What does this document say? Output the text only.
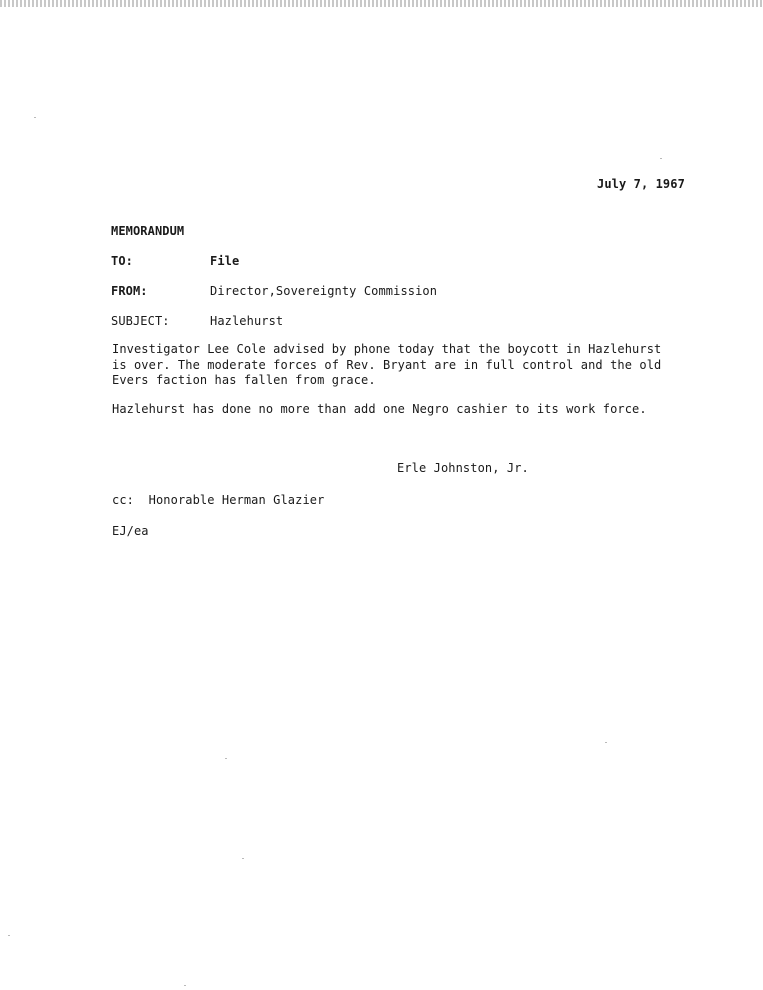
July 7, 1967
MEMORANDUM
TO:	File
FROM:	Director,Sovereignty Commission
SUBJECT:	Hazlehurst
Investigator Lee Cole advised by phone today that the boycott in Hazlehurst
is over. The moderate forces of Rev. Bryant are in full control and the old
Evers faction has fallen from grace.
Hazlehurst has done no more than add one Negro cashier to its work force.
Erle Johnston, Jr.
cc: Honorable Herman Glazier
EJ/ea
